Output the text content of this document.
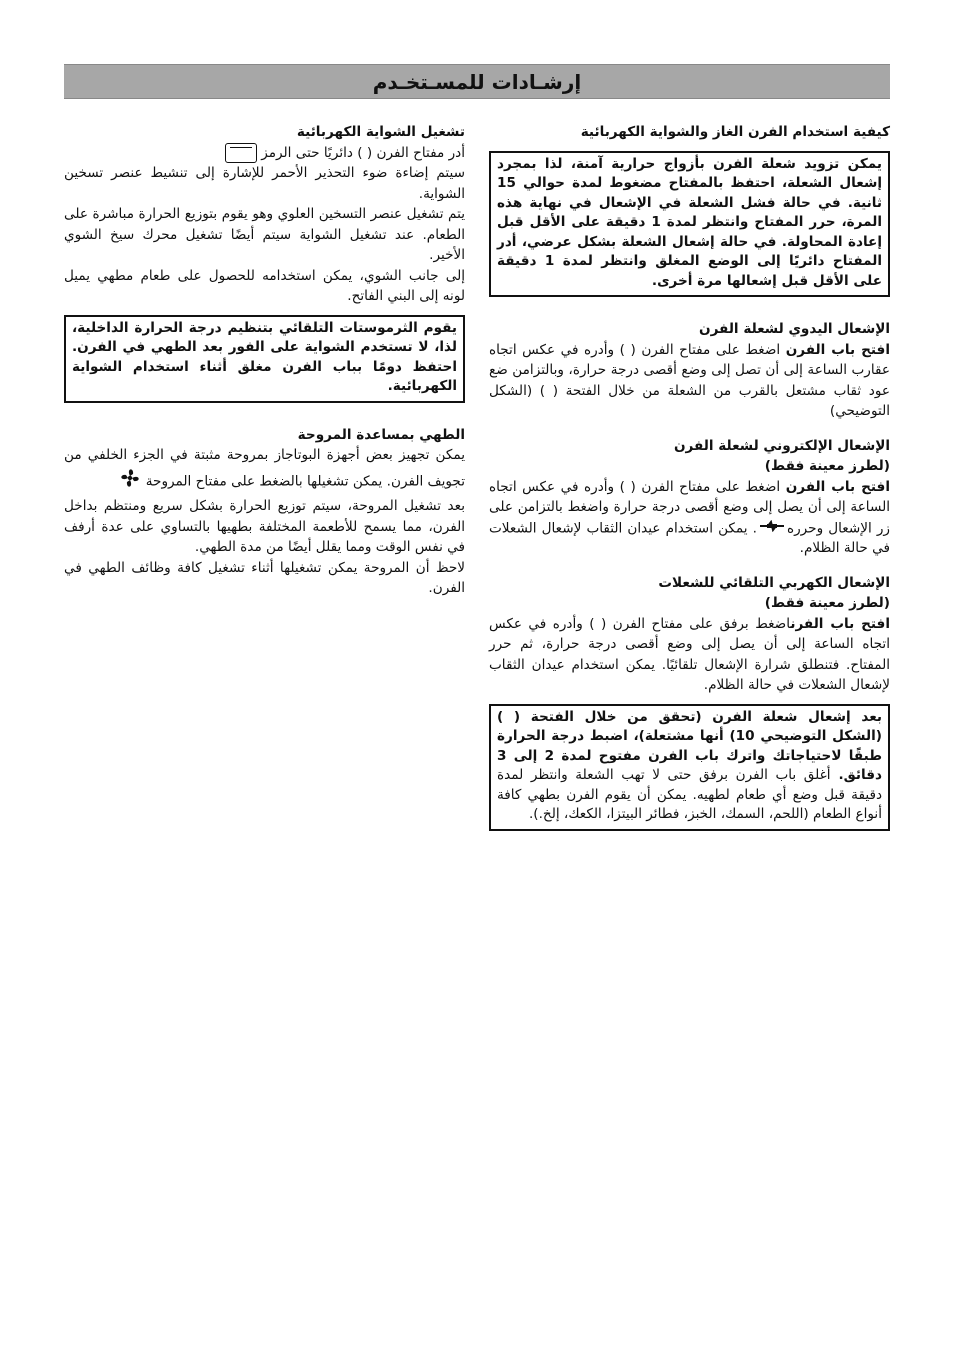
إرشـادات للمسـتخـدم
كيفية استخدام الفرن الغاز والشواية الكهربائية
يمكن تزويد شعلة الفرن بأزواج حرارية آمنة، لذا بمجرد إشعال الشعلة، احتفظ بالمفتاح مضغوط لمدة حوالي 15 ثانية. في حالة فشل الشعلة في الإشعال في نهاية هذه المرة، حرر المفتاح وانتظر لمدة 1 دقيقة على الأقل قبل إعادة المحاولة. في حالة إشعال الشعلة بشكل عرضي، أدر المفتاح دائريًا إلى الوضع المغلق وانتظر لمدة 1 دقيقة على الأقل قبل إشعالها مرة أخرى.
الإشعال اليدوي لشعلة الفرن

افتح باب الفرن اضغط على مفتاح الفرن ( ) وأدره في عكس اتجاه عقارب الساعة إلى أن تصل إلى وضع أقصى درجة حرارة، وبالتزامن ضع عود ثقاب مشتعل بالقرب من الشعلة من خلال الفتحة ( ) (الشكل التوضيحي)

الإشعال الإلكتروني لشعلة الفرن
(لطرز معينة فقط)

افتح باب الفرن اضغط على مفتاح الفرن ( ) وأدره في عكس اتجاه الساعة إلى أن يصل إلى وضع أقصى درجة حرارة واضغط بالتزامن على زر الإشعال وحرره. يمكن استخدام عيدان الثقاب لإشعال الشعلات في حالة الظلام.

الإشعال الكهربي التلقائي للشعلات
(لطرز معينة فقط)

افتح باب الفرناضغط برفق على مفتاح الفرن ( ) وأدره في عكس اتجاه الساعة إلى أن يصل إلى وضع أقصى درجة حرارة، ثم حرر المفتاح. فتنطلق شرارة الإشعال تلقائيًا. يمكن استخدام عيدان الثقاب لإشعال الشعلات في حالة الظلام.

بعد إشعال شعلة الفرن (تحقق من خلال الفتحة ( ) (الشكل التوضيحي 10) أنها مشتعلة)، اضبط درجة الحرارة طبقًا لاحتياجاتك واترك باب الفرن مفتوح لمدة 2 إلى 3 دقائق. أغلق باب الفرن برفق حتى لا تهب الشعلة وانتظر لمدة دقيقة قبل وضع أي طعام لطهيه. يمكن أن يقوم الفرن بطهي كافة أنواع الطعام (اللحم، السمك، الخبز، فطائر البيتزا، الكعك، إلخ.).
تشغيل الشواية الكهربائية

أدر مفتاح الفرن ( ) دائريًا حتى الرمز
سيتم إضاءة ضوء التحذير الأحمر للإشارة إلى تنشيط عنصر تسخين الشواية.

يتم تشغيل عنصر التسخين العلوي وهو يقوم بتوزيع الحرارة مباشرة على الطعام. عند تشغيل الشواية سيتم أيضًا تشغيل محرك سيخ الشوي الأخير.

إلى جانب الشوي، يمكن استخدامه للحصول على طعام مطهي يميل لونه إلى البني الفاتح.

يقوم الثرموستات التلقائي بتنظيم درجة الحرارة الداخلية، لذا، لا تستخدم الشواية على الفور بعد الطهي في الفرن. احتفظ دومًا بباب الفرن مغلق أثناء استخدام الشواية الكهربائية.
الطهي بمساعدة المروحة

يمكن تجهيز بعض أجهزة البوتاجاز بمروحة مثبتة في الجزء الخلفي من تجويف الفرن. يمكن تشغيلها بالضغط على مفتاح المروحة

بعد تشغيل المروحة، سيتم توزيع الحرارة بشكل سريع ومنتظم بداخل الفرن، مما يسمح للأطعمة المختلفة بطهيها بالتساوي على عدة أرفف في نفس الوقت ومما يقلل أيضًا من مدة الطهي.

لاحظ أن المروحة يمكن تشغيلها أثناء تشغيل كافة وظائف الطهي في الفرن.
